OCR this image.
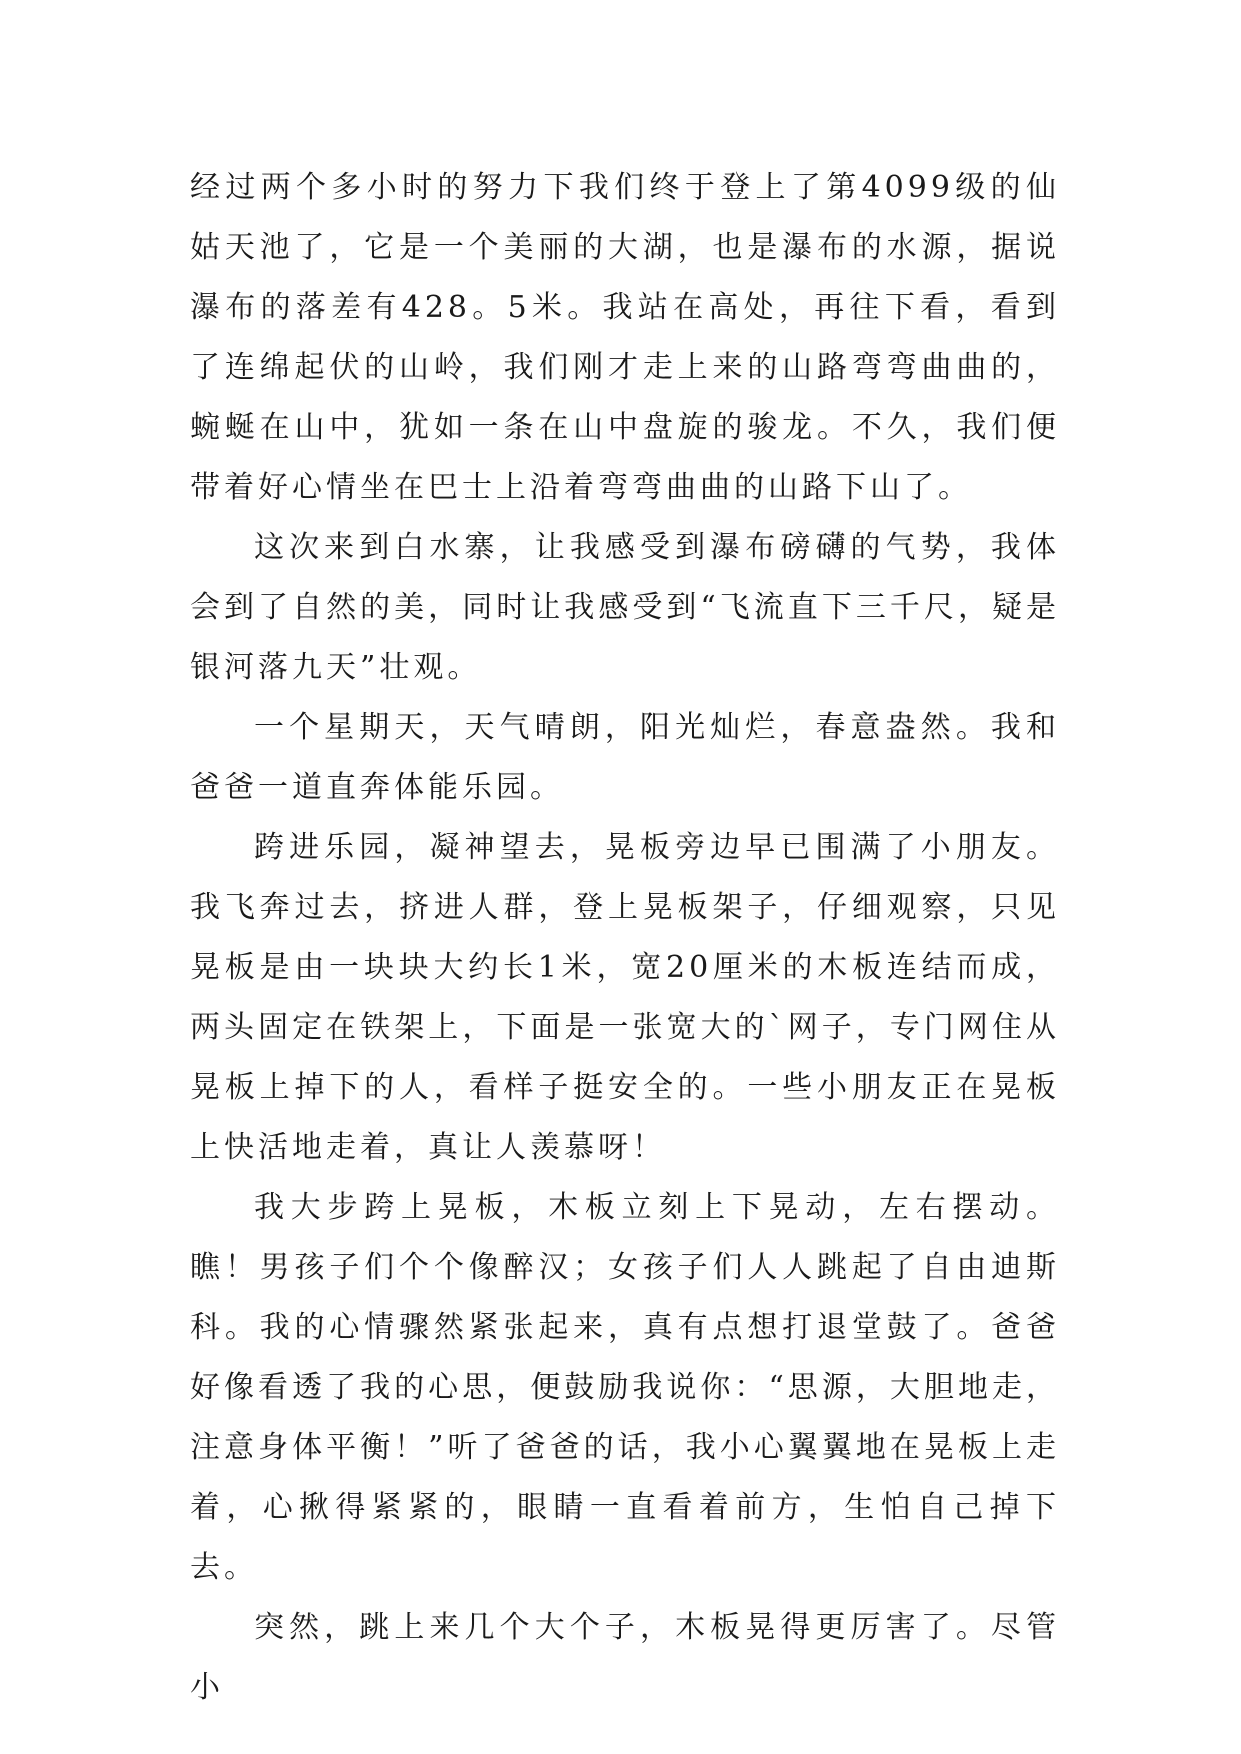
经过两个多小时的努力下我们终于登上了第4099级的仙姑天池了，它是一个美丽的大湖，也是瀑布的水源，据说瀑布的落差有428。5米。我站在高处，再往下看，看到了连绵起伏的山岭，我们刚才走上来的山路弯弯曲曲的，蜿蜒在山中，犹如一条在山中盘旋的骏龙。不久，我们便带着好心情坐在巴士上沿着弯弯曲曲的山路下山了。

这次来到白水寨，让我感受到瀑布磅礴的气势，我体会到了自然的美，同时让我感受到“飞流直下三千尺，疑是银河落九天”壮观。

一个星期天，天气晴朗，阳光灿烂，春意盎然。我和爸爸一道直奔体能乐园。

跨进乐园，凝神望去，晃板旁边早已围满了小朋友。我飞奔过去，挤进人群，登上晃板架子，仔细观察，只见晃板是由一块块大约长1米，宽20厘米的木板连结而成，两头固定在铁架上，下面是一张宽大的`网子，专门网住从晃板上掉下的人，看样子挺安全的。一些小朋友正在晃板上快活地走着，真让人羡慕呀！

我大步跨上晃板，木板立刻上下晃动，左右摆动。瞧！男孩子们个个像醉汉；女孩子们人人跳起了自由迪斯科。我的心情骤然紧张起来，真有点想打退堂鼓了。爸爸好像看透了我的心思，便鼓励我说你：“思源，大胆地走，注意身体平衡！”听了爸爸的话，我小心翼翼地在晃板上走着，心揪得紧紧的，眼睛一直看着前方，生怕自己掉下去。

突然，跳上来几个大个子，木板晃得更厉害了。尽管小
